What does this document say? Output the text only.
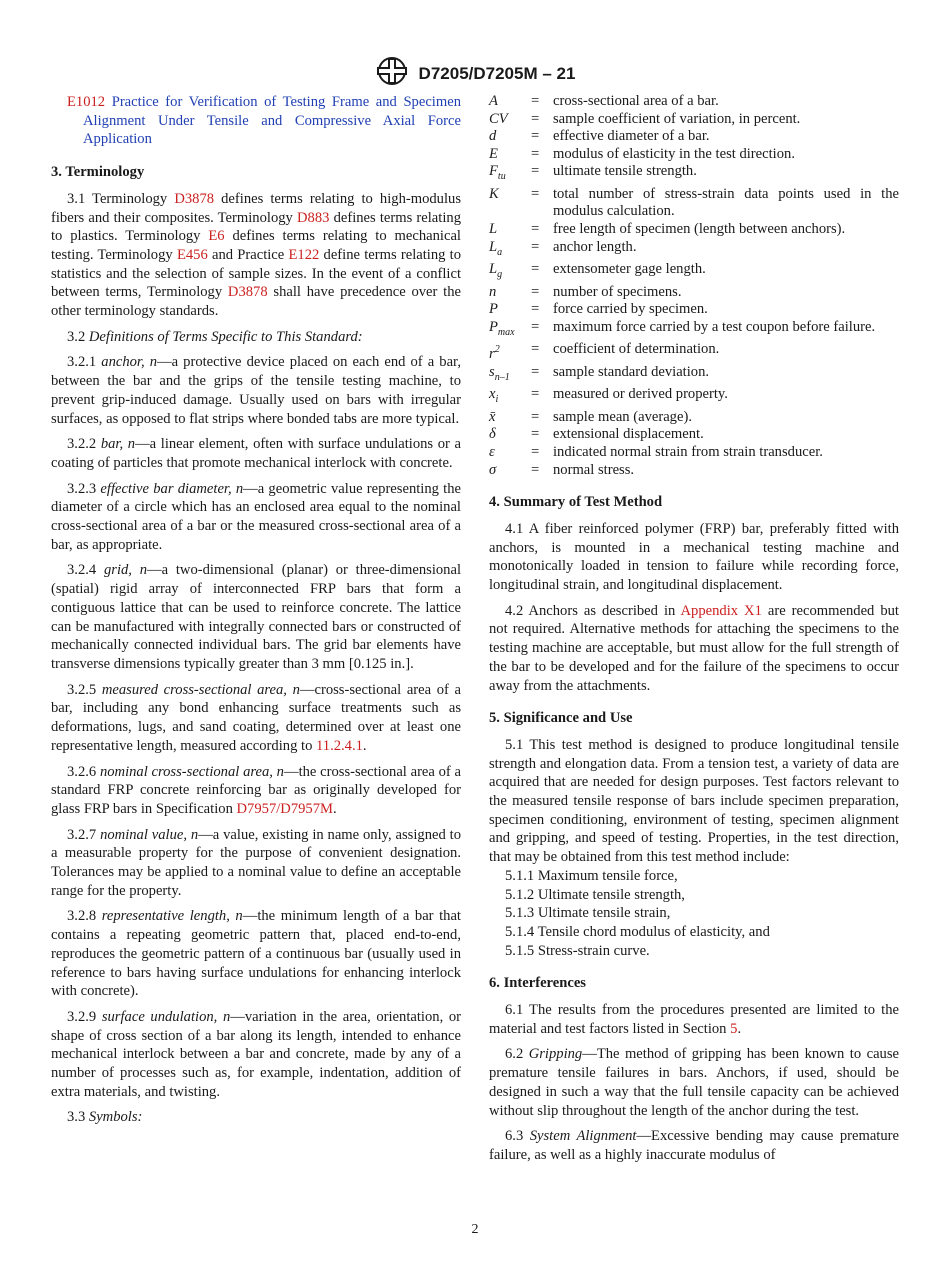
D7205/D7205M – 21

E1012 Practice for Verification of Testing Frame and Specimen Alignment Under Tensile and Compressive Axial Force Application

3. Terminology

3.1 Terminology D3878 defines terms relating to high-modulus fibers and their composites. Terminology D883 defines terms relating to plastics. Terminology E6 defines terms relating to mechanical testing. Terminology E456 and Practice E122 define terms relating to statistics and the selection of sample sizes. In the event of a conflict between terms, Terminology D3878 shall have precedence over the other terminology standards.

3.2 Definitions of Terms Specific to This Standard:

3.2.1 anchor, n—a protective device placed on each end of a bar, between the bar and the grips of the tensile testing machine, to prevent grip-induced damage. Usually used on bars with irregular surfaces, as opposed to flat strips where bonded tabs are more typical.

3.2.2 bar, n—a linear element, often with surface undulations or a coating of particles that promote mechanical interlock with concrete.

3.2.3 effective bar diameter, n—a geometric value representing the diameter of a circle which has an enclosed area equal to the nominal cross-sectional area of a bar or the measured cross-sectional area of a bar, as appropriate.

3.2.4 grid, n—a two-dimensional (planar) or three-dimensional (spatial) rigid array of interconnected FRP bars that form a contiguous lattice that can be used to reinforce concrete. The lattice can be manufactured with integrally connected bars or constructed of mechanically connected individual bars. The grid bar elements have transverse dimensions typically greater than 3 mm [0.125 in.].

3.2.5 measured cross-sectional area, n—cross-sectional area of a bar, including any bond enhancing surface treatments such as deformations, lugs, and sand coating, determined over at least one representative length, measured according to 11.2.4.1.

3.2.6 nominal cross-sectional area, n—the cross-sectional area of a standard FRP concrete reinforcing bar as originally developed for glass FRP bars in Specification D7957/D7957M.

3.2.7 nominal value, n—a value, existing in name only, assigned to a measurable property for the purpose of convenient designation. Tolerances may be applied to a nominal value to define an acceptable range for the property.

3.2.8 representative length, n—the minimum length of a bar that contains a repeating geometric pattern that, placed end-to-end, reproduces the geometric pattern of a continuous bar (usually used in reference to bars having surface undulations for enhancing interlock with concrete).

3.2.9 surface undulation, n—variation in the area, orientation, or shape of cross section of a bar along its length, intended to enhance mechanical interlock between a bar and concrete, made by any of a number of processes such as, for example, indentation, addition of extra materials, and twisting.

3.3 Symbols:

A	=	cross-sectional area of a bar.
CV	=	sample coefficient of variation, in percent.
d	=	effective diameter of a bar.
E	=	modulus of elasticity in the test direction.
$F_{tu}$	=	ultimate tensile strength.
K	=	total number of stress-strain data points used in the modulus calculation.
L	=	free length of specimen (length between anchors).
$L_a$	=	anchor length.
$L_g$	=	extensometer gage length.
n	=	number of specimens.
P	=	force carried by specimen.
$P_{max}$	=	maximum force carried by a test coupon before failure.
$r^2$	=	coefficient of determination.
$s_{n-1}$	=	sample standard deviation.
$x_i$	=	measured or derived property.
x̄	=	sample mean (average).
δ	=	extensional displacement.
ε	=	indicated normal strain from strain transducer.
σ	=	normal stress.

4. Summary of Test Method

4.1 A fiber reinforced polymer (FRP) bar, preferably fitted with anchors, is mounted in a mechanical testing machine and monotonically loaded in tension to failure while recording force, longitudinal strain, and longitudinal displacement.

4.2 Anchors as described in Appendix X1 are recommended but not required. Alternative methods for attaching the specimens to the testing machine are acceptable, but must allow for the full strength of the bar to be developed and for the failure of the specimens to occur away from the attachments.

5. Significance and Use

5.1 This test method is designed to produce longitudinal tensile strength and elongation data. From a tension test, a variety of data are acquired that are needed for design purposes. Test factors relevant to the measured tensile response of bars include specimen preparation, specimen conditioning, environment of testing, specimen alignment and gripping, and speed of testing. Properties, in the test direction, that may be obtained from this test method include:

5.1.1 Maximum tensile force,

5.1.2 Ultimate tensile strength,

5.1.3 Ultimate tensile strain,

5.1.4 Tensile chord modulus of elasticity, and

5.1.5 Stress-strain curve.

6. Interferences

6.1 The results from the procedures presented are limited to the material and test factors listed in Section 5.

6.2 Gripping—The method of gripping has been known to cause premature tensile failures in bars. Anchors, if used, should be designed in such a way that the full tensile capacity can be achieved without slip throughout the length of the anchor during the test.

6.3 System Alignment—Excessive bending may cause premature failure, as well as a highly inaccurate modulus of

2
